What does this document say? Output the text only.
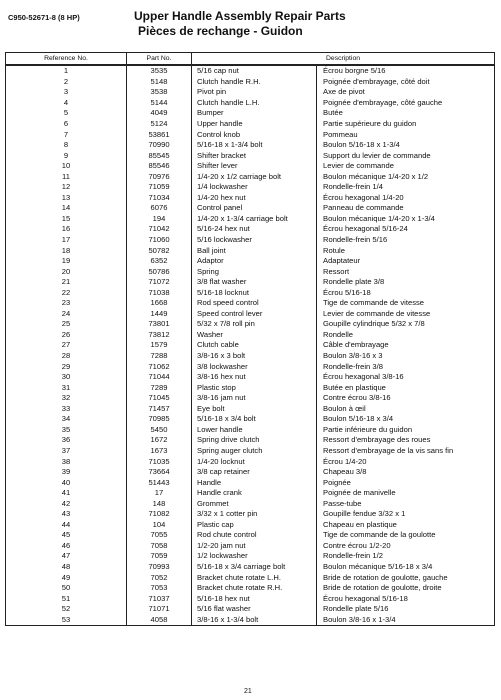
C950-52671-8 (8 HP)	Upper Handle Assembly Repair Parts
Pièces de rechange - Guidon
Reference No.	Part No.	Description	
1	3535	5/16 cap nut	Écrou borgne 5/16
2	5148	Clutch handle R.H.	Poignée d'embrayage, côté doit
3	3538	Pivot pin	Axe de pivot
4	5144	Clutch handle L.H.	Poignée d'embrayage, côté gauche
5	4049	Bumper	Butée
6	5124	Upper handle	Partie supérieure du guidon
7	53861	Control knob	Pommeau
8	70990	5/16-18 x 1-3/4 bolt	Boulon 5/16-18 x 1-3/4
9	85545	Shifter bracket	Support du levier de commande
10	85546	Shifter lever	Levier de commande
11	70976	1/4-20 x 1/2 carriage bolt	Boulon mécanique 1/4-20 x 1/2
12	71059	1/4 lockwasher	Rondelle-frein 1/4
13	71034	1/4-20 hex nut	Écrou hexagonal 1/4-20
14	6076	Control panel	Panneau de commande
15	194	1/4-20 x 1-3/4 carriage bolt	Boulon mécanique 1/4-20 x 1-3/4
16	71042	5/16-24 hex nut	Écrou hexagonal 5/16-24
17	71060	5/16 lockwasher	Rondelle-frein 5/16
18	50782	Ball joint	Rotule
19	6352	Adaptor	Adaptateur
20	50786	Spring	Ressort
21	71072	3/8 flat washer	Rondelle plate 3/8
22	71038	5/16-18 locknut	Écrou 5/16-18
23	1668	Rod speed control	Tige de commande de vitesse
24	1449	Speed control lever	Levier de commande de vitesse
25	73801	5/32 x 7/8 roll pin	Goupille cylindrique 5/32 x 7/8
26	73812	Washer	Rondelle
27	1579	Clutch cable	Câble d'embrayage
28	7288	3/8-16 x 3 bolt	Boulon 3/8-16 x 3
29	71062	3/8 lockwasher	Rondelle-frein 3/8
30	71044	3/8-16 hex nut	Écrou hexagonal 3/8-16
31	7289	Plastic stop	Butée en plastique
32	71045	3/8-16 jam nut	Contre écrou 3/8-16
33	71457	Eye bolt	Boulon à œil
34	70985	5/16-18 x 3/4 bolt	Boulon 5/16-18 x 3/4
35	5450	Lower handle	Partie inférieure du guidon
36	1672	Spring drive clutch	Ressort d'embrayage des roues
37	1673	Spring auger clutch	Ressort d'embrayage de la vis sans fin
38	71035	1/4-20 locknut	Écrou 1/4-20
39	73664	3/8 cap retainer	Chapeau 3/8
40	51443	Handle	Poignée
41	17	Handle crank	Poignée de manivelle
42	148	Grommet	Passe-tube
43	71082	3/32 x 1 cotter pin	Goupille fendue 3/32 x 1
44	104	Plastic cap	Chapeau en plastique
45	7055	Rod chute control	Tige de commande de la goulotte
46	7058	1/2-20 jam nut	Contre écrou 1/2-20
47	7059	1/2 lockwasher	Rondelle-frein 1/2
48	70993	5/16-18 x 3/4 carriage bolt	Boulon mécanique 5/16-18 x 3/4
49	7052	Bracket chute rotate L.H.	Bride de rotation de goulotte, gauche
50	7053	Bracket chute rotate R.H.	Bride de rotation de goulotte, droite
51	71037	5/16-18 hex nut	Écrou hexagonal 5/16-18
52	71071	5/16 flat washer	Rondelle plate 5/16
53	4058	3/8-16 x 1-3/4 bolt	Boulon 3/8-16 x 1-3/4
21
